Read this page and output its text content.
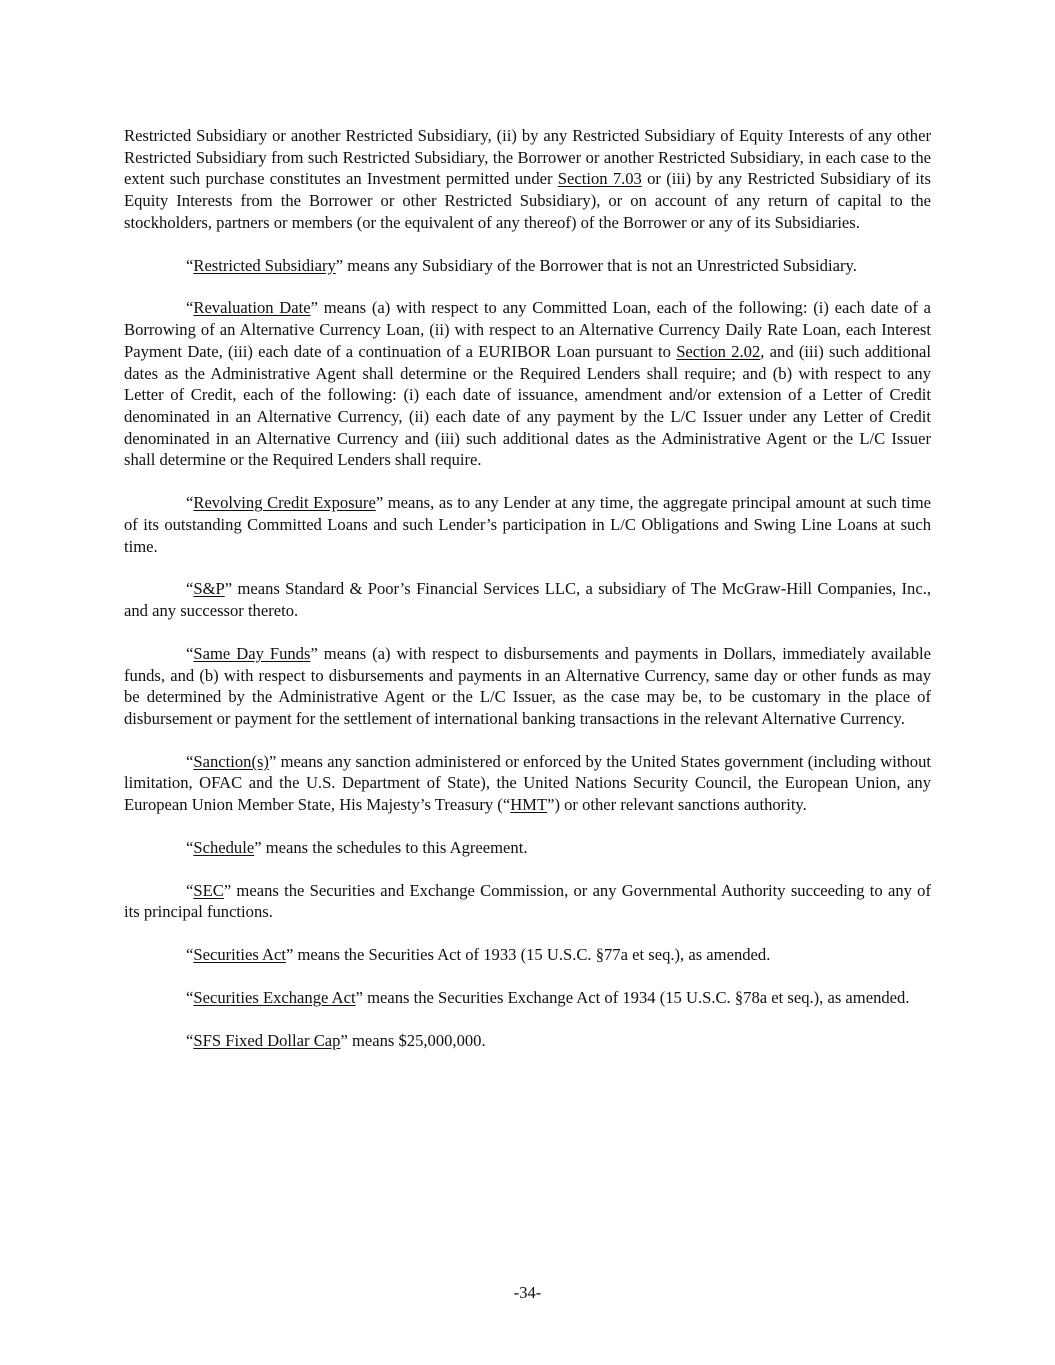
Restricted Subsidiary or another Restricted Subsidiary, (ii) by any Restricted Subsidiary of Equity Interests of any other Restricted Subsidiary from such Restricted Subsidiary, the Borrower or another Restricted Subsidiary, in each case to the extent such purchase constitutes an Investment permitted under Section 7.03 or (iii) by any Restricted Subsidiary of its Equity Interests from the Borrower or other Restricted Subsidiary), or on account of any return of capital to the stockholders, partners or members (or the equivalent of any thereof) of the Borrower or any of its Subsidiaries.

“Restricted Subsidiary” means any Subsidiary of the Borrower that is not an Unrestricted Subsidiary.

“Revaluation Date” means (a) with respect to any Committed Loan, each of the following: (i) each date of a Borrowing of an Alternative Currency Loan, (ii) with respect to an Alternative Currency Daily Rate Loan, each Interest Payment Date, (iii) each date of a continuation of a EURIBOR Loan pursuant to Section 2.02, and (iii) such additional dates as the Administrative Agent shall determine or the Required Lenders shall require; and (b) with respect to any Letter of Credit, each of the following: (i) each date of issuance, amendment and/or extension of a Letter of Credit denominated in an Alternative Currency, (ii) each date of any payment by the L/C Issuer under any Letter of Credit denominated in an Alternative Currency and (iii) such additional dates as the Administrative Agent or the L/C Issuer shall determine or the Required Lenders shall require.

“Revolving Credit Exposure” means, as to any Lender at any time, the aggregate principal amount at such time of its outstanding Committed Loans and such Lender’s participation in L/C Obligations and Swing Line Loans at such time.

“S&P” means Standard & Poor’s Financial Services LLC, a subsidiary of The McGraw-Hill Companies, Inc., and any successor thereto.

“Same Day Funds” means (a) with respect to disbursements and payments in Dollars, immediately available funds, and (b) with respect to disbursements and payments in an Alternative Currency, same day or other funds as may be determined by the Administrative Agent or the L/C Issuer, as the case may be, to be customary in the place of disbursement or payment for the settlement of international banking transactions in the relevant Alternative Currency.

“Sanction(s)” means any sanction administered or enforced by the United States government (including without limitation, OFAC and the U.S. Department of State), the United Nations Security Council, the European Union, any European Union Member State, His Majesty’s Treasury (“HMT”) or other relevant sanctions authority.

“Schedule” means the schedules to this Agreement.

“SEC” means the Securities and Exchange Commission, or any Governmental Authority succeeding to any of its principal functions.

“Securities Act” means the Securities Act of 1933 (15 U.S.C. §77a et seq.), as amended.

“Securities Exchange Act” means the Securities Exchange Act of 1934 (15 U.S.C. §78a et seq.), as amended.

“SFS Fixed Dollar Cap” means $25,000,000.

-34-
